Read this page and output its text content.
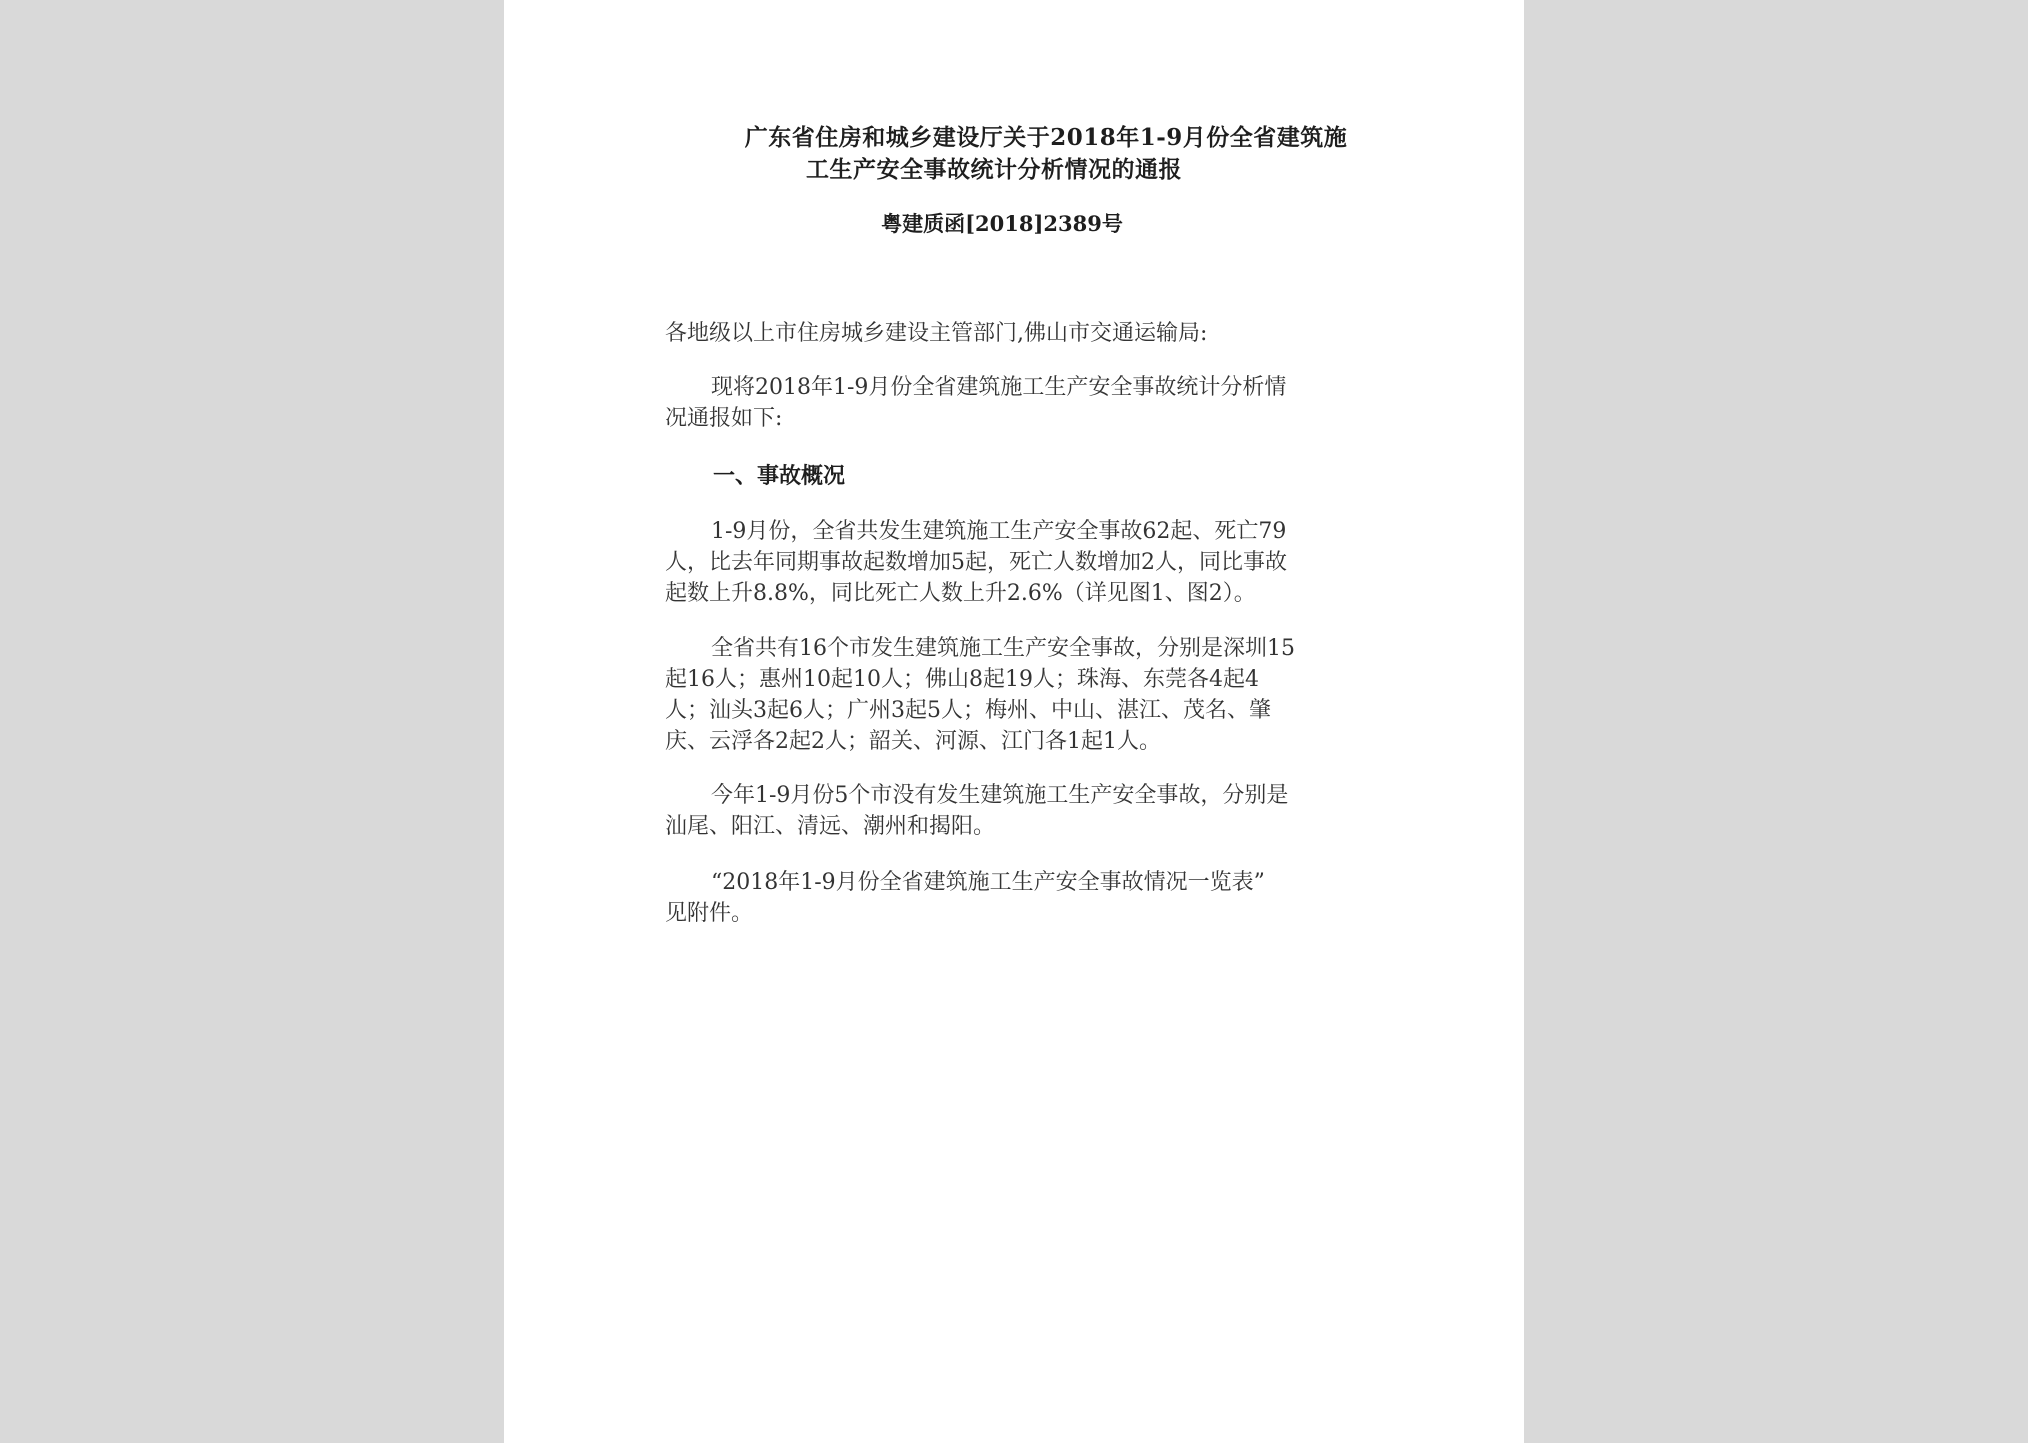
广东省住房和城乡建设厅关于2018年1-9月份全省建筑施
工生产安全事故统计分析情况的通报
粤建质函[2018]2389号
各地级以上市住房城乡建设主管部门,佛山市交通运输局:
现将2018年1-9月份全省建筑施工生产安全事故统计分析情
况通报如下:
一、事故概况
1-9月份，全省共发生建筑施工生产安全事故62起、死亡79
人，比去年同期事故起数增加5起，死亡人数增加2人，同比事故
起数上升8.8%，同比死亡人数上升2.6%（详见图1、图2）。
全省共有16个市发生建筑施工生产安全事故，分别是深圳15
起16人；惠州10起10人；佛山8起19人；珠海、东莞各4起4
人；汕头3起6人；广州3起5人；梅州、中山、湛江、茂名、肇
庆、云浮各2起2人；韶关、河源、江门各1起1人。
今年1-9月份5个市没有发生建筑施工生产安全事故，分别是
汕尾、阳江、清远、潮州和揭阳。
“2018年1-9月份全省建筑施工生产安全事故情况一览表”
见附件。
